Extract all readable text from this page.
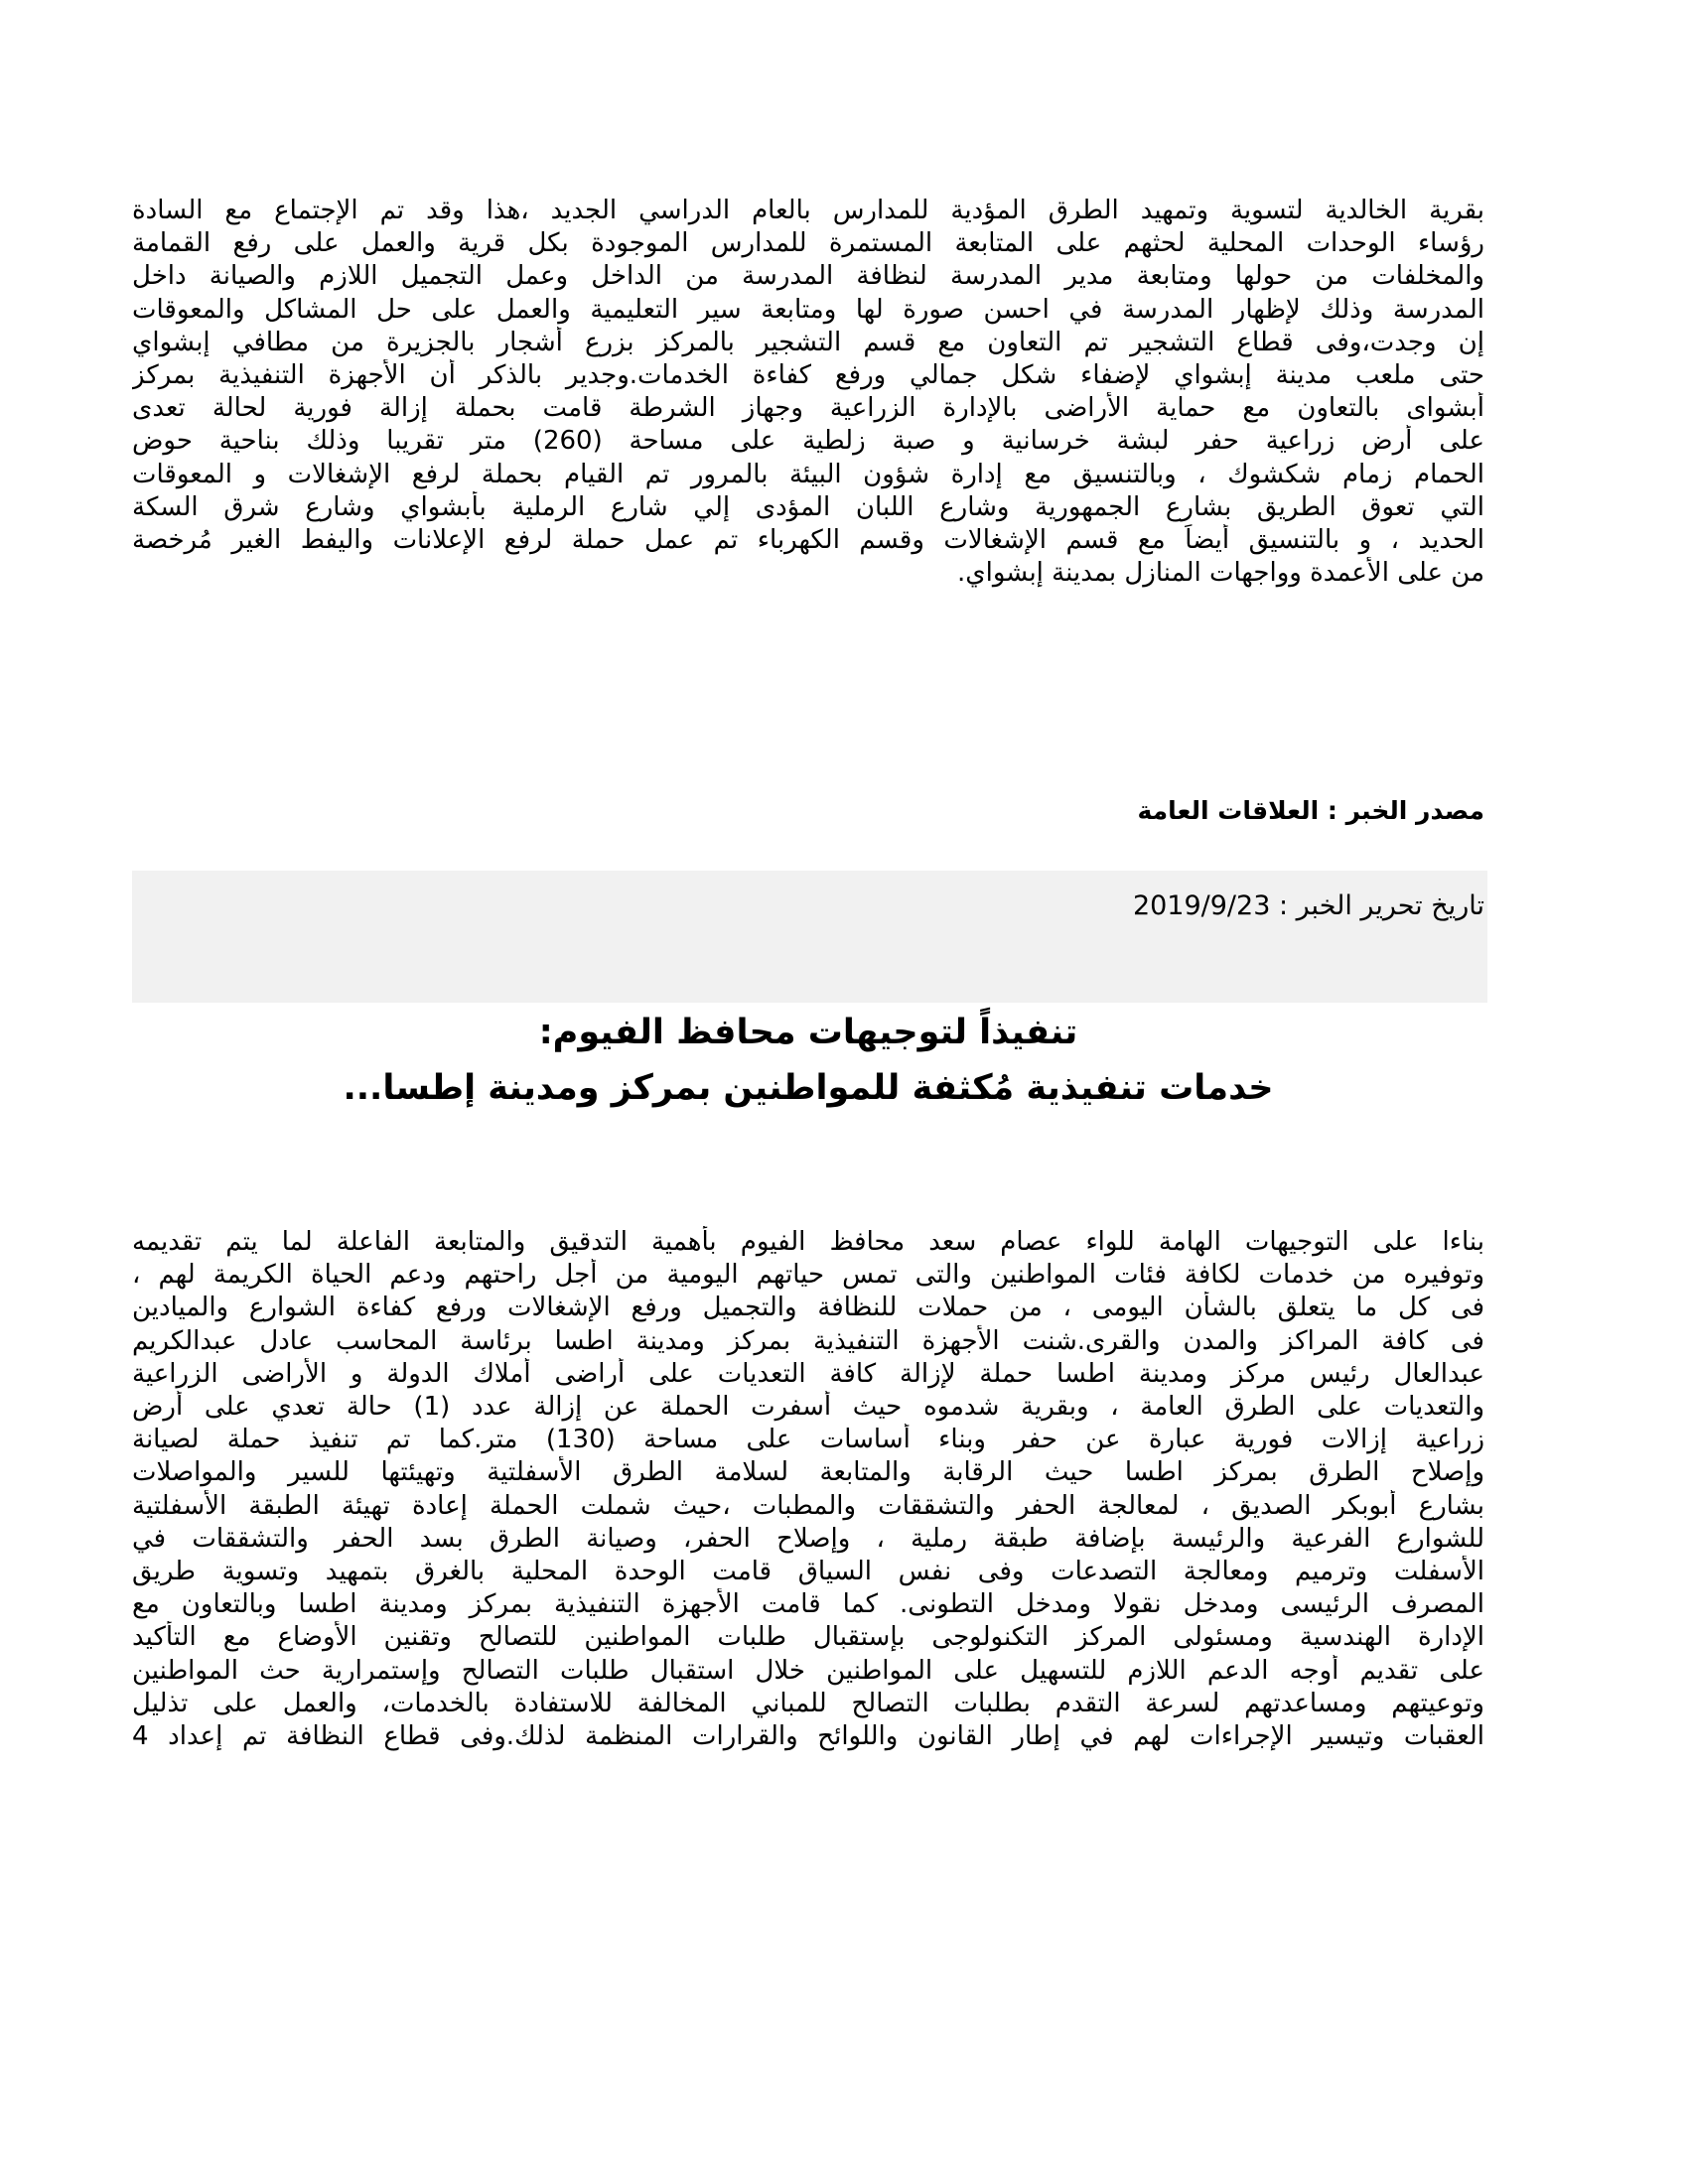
بقرية الخالدية لتسوية وتمهيد الطرق المؤدية للمدارس بالعام الدراسي الجديد ،هذا وقد تم الإجتماع مع السادة
رؤساء الوحدات المحلية لحثهم على المتابعة المستمرة للمدارس الموجودة بكل قرية والعمل على رفع القمامة
والمخلفات من حولها ومتابعة مدير المدرسة لنظافة المدرسة من الداخل وعمل التجميل اللازم والصيانة داخل
المدرسة وذلك لإظهار المدرسة في احسن صورة لها ومتابعة سير التعليمية والعمل على حل المشاكل والمعوقات
إن وجدت،وفى قطاع التشجير تم التعاون مع قسم التشجير بالمركز بزرع أشجار بالجزيرة من مطافي إبشواي
حتى ملعب مدينة إبشواي لإضفاء شكل جمالي ورفع كفاءة الخدمات.وجدير بالذكر أن الأجهزة التنفيذية بمركز
أبشواى بالتعاون مع حماية الأراضى بالإدارة الزراعية وجهاز الشرطة قامت بحملة إزالة فورية لحالة تعدى
على أرض زراعية حفر لبشة خرسانية و صبة زلطية على مساحة (260) متر تقريبا وذلك بناحية حوض
الحمام زمام شكشوك ، وبالتنسيق مع إدارة شؤون البيئة بالمرور تم القيام بحملة لرفع الإشغالات و المعوقات
التي تعوق الطريق بشارع الجمهورية وشارع اللبان المؤدى إلي شارع الرملية بأبشواي وشارع شرق السكة
الحديد ، و بالتنسيق أيضاً مع قسم الإشغالات وقسم الكهرباء تم عمل حملة لرفع الإعلانات واليفط الغير مُرخصة
من على الأعمدة وواجهات المنازل بمدينة إبشواي.
مصدر الخبر : العلاقات العامة
تاريخ تحرير الخبر : 2019/9/23
تنفيذاً لتوجيهات محافظ الفيوم:
خدمات تنفيذية مُكثفة للمواطنين بمركز ومدينة إطسا...
بناءا على التوجيهات الهامة للواء عصام سعد محافظ الفيوم بأهمية التدقيق والمتابعة الفاعلة لما يتم تقديمه
وتوفيره من خدمات لكافة فئات المواطنين والتى تمس حياتهم اليومية من أجل راحتهم ودعم الحياة الكريمة لهم ،
فى كل ما يتعلق بالشأن اليومى ، من حملات للنظافة والتجميل ورفع الإشغالات ورفع كفاءة الشوارع والميادين
فى كافة المراكز والمدن والقرى.شنت الأجهزة التنفيذية بمركز ومدينة اطسا برئاسة المحاسب عادل عبدالكريم
عبدالعال رئيس مركز ومدينة اطسا حملة لإزالة كافة التعديات على أراضى أملاك الدولة و الأراضى الزراعية
والتعديات على الطرق العامة ، وبقرية شدموه حيث أسفرت الحملة عن إزالة عدد (1) حالة تعدي على أرض
زراعية إزالات فورية عبارة عن حفر وبناء أساسات على مساحة (130) متر.كما تم تنفيذ حملة لصيانة
وإصلاح الطرق بمركز اطسا حيث الرقابة والمتابعة لسلامة الطرق الأسفلتية وتهيئتها للسير والمواصلات
بشارع أبوبكر الصديق ، لمعالجة الحفر والتشققات والمطبات ،حيث شملت الحملة إعادة تهيئة الطبقة الأسفلتية
للشوارع الفرعية والرئيسة بإضافة طبقة رملية ، وإصلاح الحفر، وصيانة الطرق بسد الحفر والتشققات في
الأسفلت وترميم ومعالجة التصدعات وفى نفس السياق قامت الوحدة المحلية بالغرق بتمهيد وتسوية طريق
المصرف الرئيسى ومدخل نقولا ومدخل التطونى. كما قامت الأجهزة التنفيذية بمركز ومدينة اطسا وبالتعاون مع
الإدارة الهندسية ومسئولى المركز التكنولوجى بإستقبال طلبات المواطنين للتصالح وتقنين الأوضاع مع التأكيد
على تقديم أوجه الدعم اللازم للتسهيل على المواطنين خلال استقبال طلبات التصالح وإستمرارية حث المواطنين
وتوعيتهم ومساعدتهم لسرعة التقدم بطلبات التصالح للمباني المخالفة للاستفادة بالخدمات، والعمل على تذليل
العقبات وتيسير الإجراءات لهم في إطار القانون واللوائح والقرارات المنظمة لذلك.وفى قطاع النظافة تم إعداد 4
